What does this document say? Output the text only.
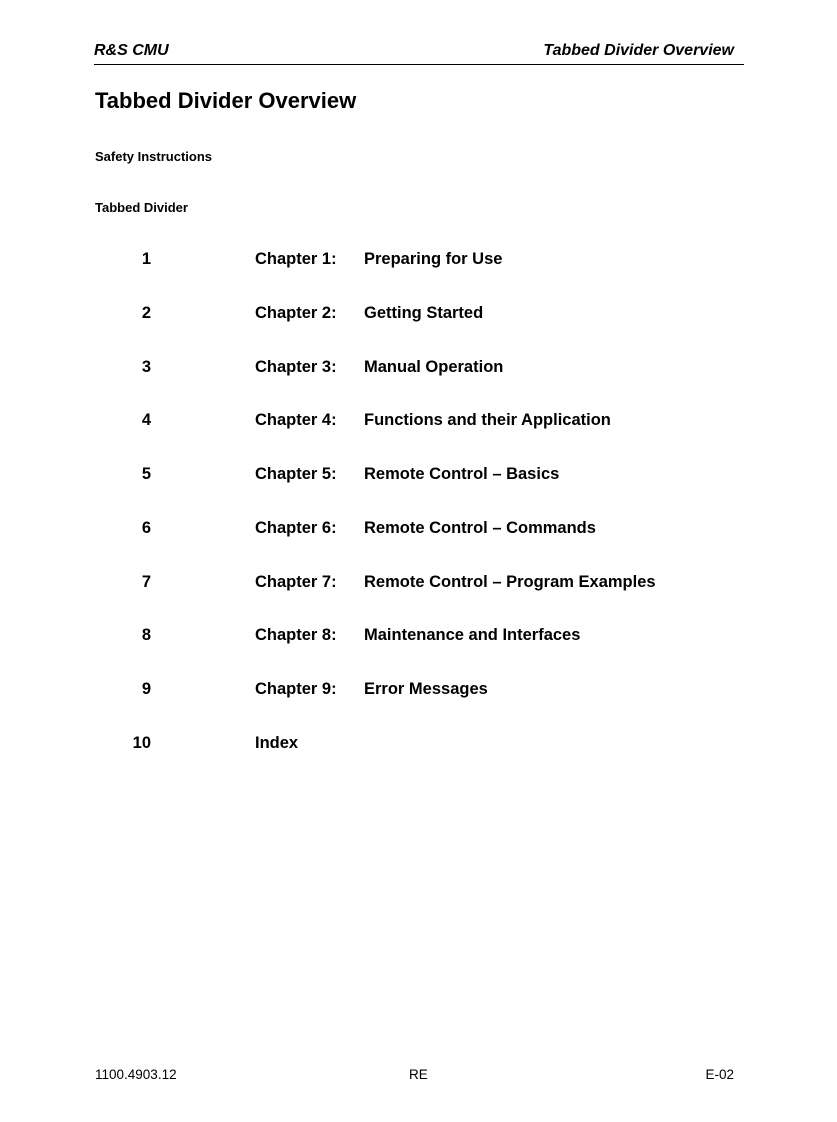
R&S CMU	Tabbed Divider Overview
Tabbed Divider Overview
Safety Instructions
Tabbed Divider
1	Chapter 1: Preparing for Use
2	Chapter 2: Getting Started
3	Chapter 3: Manual Operation
4	Chapter 4: Functions and their Application
5	Chapter 5: Remote Control – Basics
6	Chapter 6: Remote Control – Commands
7	Chapter 7: Remote Control – Program Examples
8	Chapter 8: Maintenance and Interfaces
9	Chapter 9: Error Messages
10	Index
1100.4903.12	RE	E-02
